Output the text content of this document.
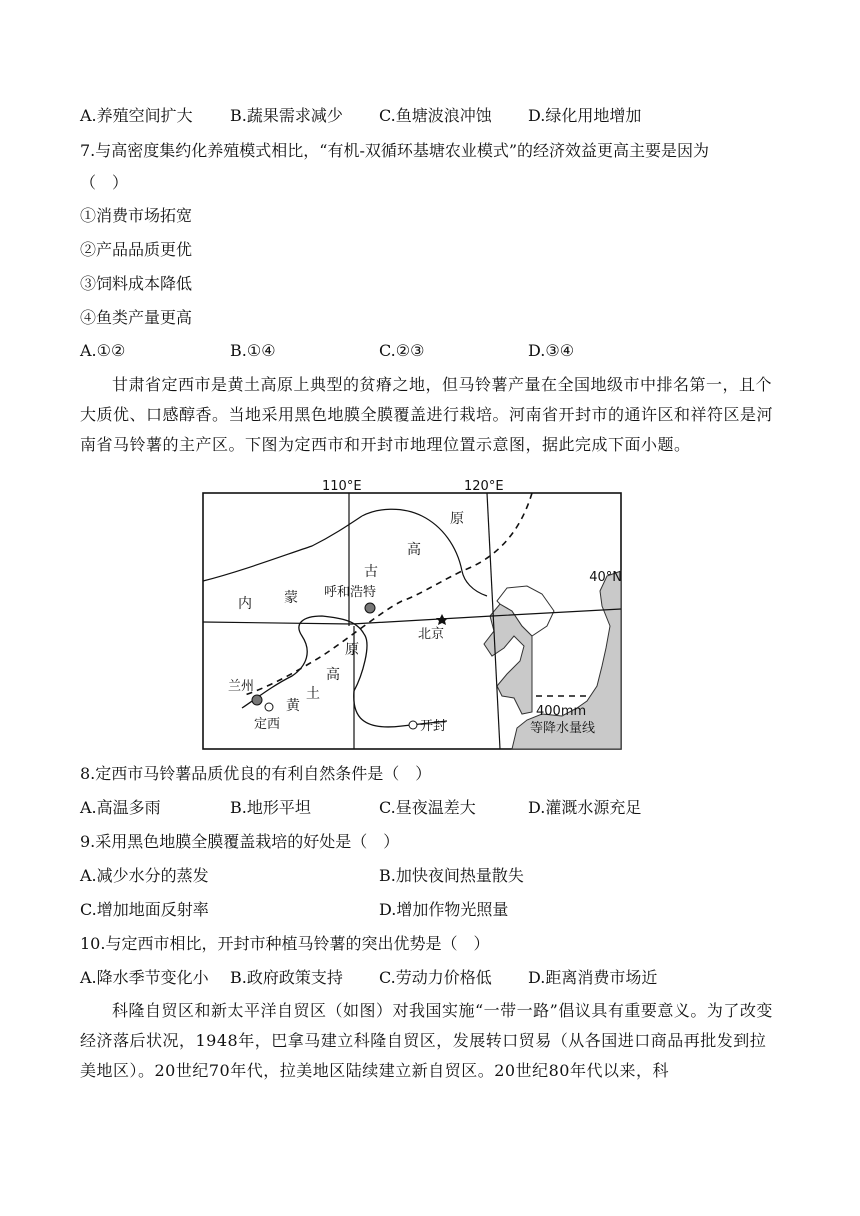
A.养殖空间扩大 B.蔬果需求减少 C.鱼塘波浪冲蚀 D.绿化用地增加
7.与高密度集约化养殖模式相比，“有机-双循环基塘农业模式”的经济效益更高主要是因为
（　）
①消费市场拓宽
②产品品质更优
③饲料成本降低
④鱼类产量更高
A.①②	B.①④	C.②③	D.③④
甘肃省定西市是黄土高原上典型的贫瘠之地，但马铃薯产量在全国地级市中排名第一，且个大质优、口感醇香。当地采用黑色地膜全膜覆盖进行栽培。河南省开封市的通许区和祥符区是河南省马铃薯的主产区。下图为定西市和开封市地理位置示意图，据此完成下面小题。
110°E	120°E
40°N
原
高
古
蒙
内
原
高
土
黄
呼和浩特
北京
兰州
定西	开封
400mm
等降水量线
8.定西市马铃薯品质优良的有利自然条件是（　）
A.高温多雨	B.地形平坦	C.昼夜温差大	D.灌溉水源充足
9.采用黑色地膜全膜覆盖栽培的好处是（　）
A.减少水分的蒸发	B.加快夜间热量散失
C.增加地面反射率	D.增加作物光照量
10.与定西市相比，开封市种植马铃薯的突出优势是（　）
A.降水季节变化小 B.政府政策支持 C.劳动力价格低 D.距离消费市场近
科隆自贸区和新太平洋自贸区（如图）对我国实施“一带一路”倡议具有重要意义。为了改变经济落后状况，1948年，巴拿马建立科隆自贸区，发展转口贸易（从各国进口商品再批发到拉美地区）。20世纪70年代，拉美地区陆续建立新自贸区。20世纪80年代以来，科
